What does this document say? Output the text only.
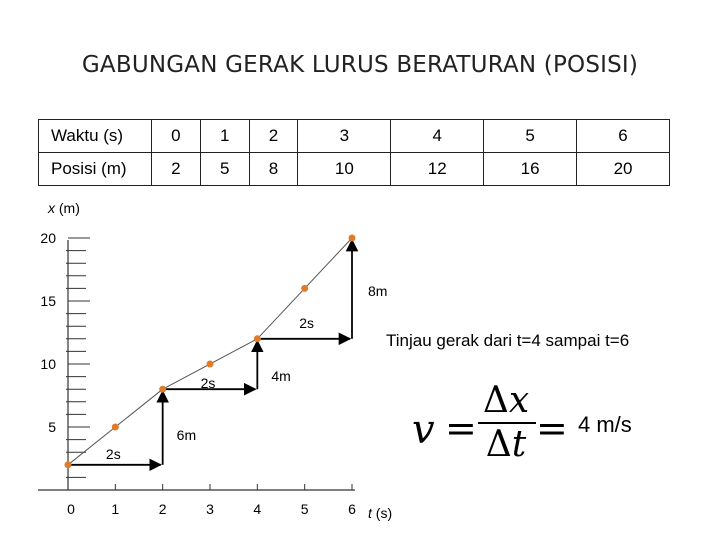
GABUNGAN GERAK LURUS BERATURAN (POSISI)
Waktu (s)	0	1	2	3	4	5	6
Posisi (m)	2	5	8	10	12	16	20
x (m)
t (s)
5
10
15
20
0	1	2	3	4	5	6
2s
6m
2s	4m
2s
8m
Tinjau gerak dari t=4 sampai t=6
v =
Δx
Δt = 4 m/s
